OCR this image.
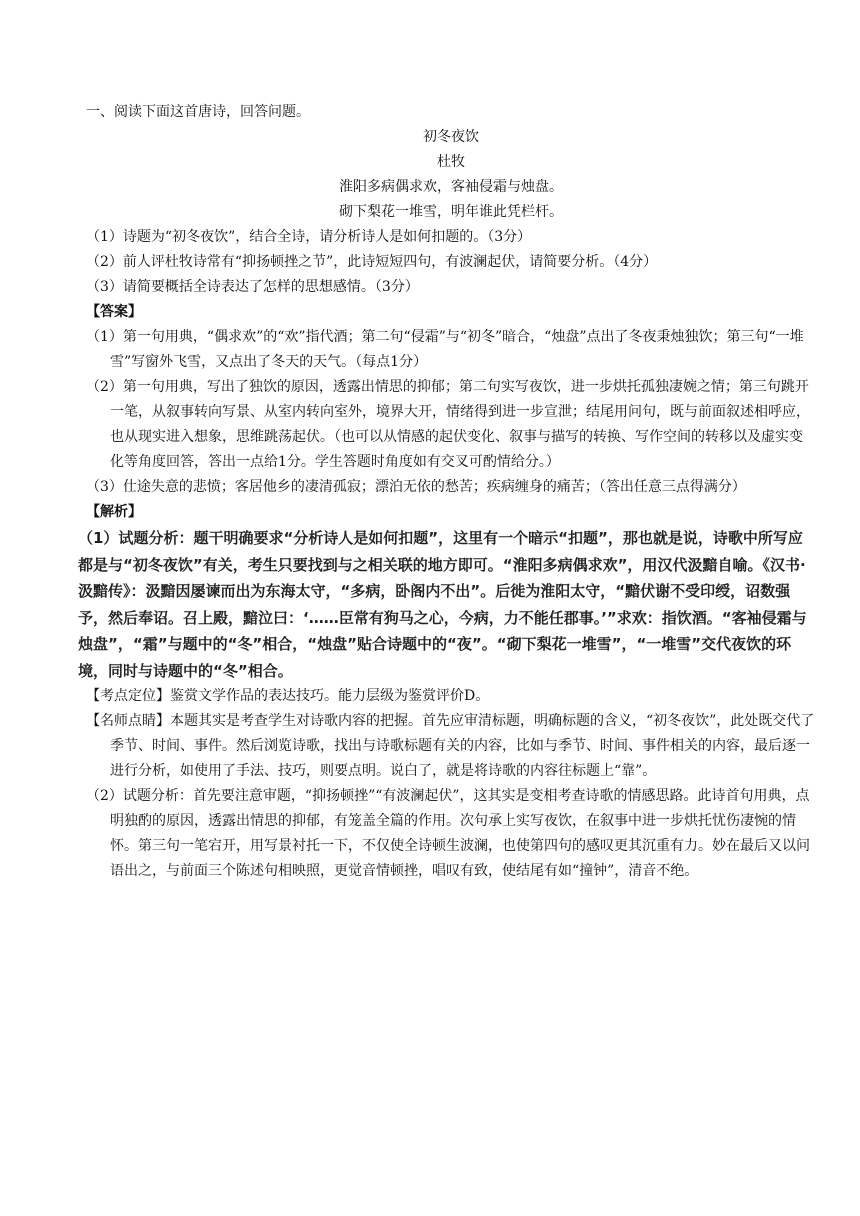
一、阅读下面这首唐诗，回答问题。

初冬夜饮

杜牧

淮阳多病偶求欢，客袖侵霜与烛盘。

砌下梨花一堆雪，明年谁此凭栏杆。

（1）诗题为“初冬夜饮”，结合全诗，请分析诗人是如何扣题的。（3分）

（2）前人评杜牧诗常有“抑扬顿挫之节”，此诗短短四句，有波澜起伏，请简要分析。（4分）

（3）请简要概括全诗表达了怎样的思想感情。（3分）

【答案】

（1）第一句用典，“偶求欢”的“欢”指代酒；第二句“侵霜”与“初冬”暗合，“烛盘”点出了冬夜秉烛独饮；第三句“一堆雪”写窗外飞雪，又点出了冬天的天气。（每点1分）

（2）第一句用典，写出了独饮的原因，透露出情思的抑郁；第二句实写夜饮，进一步烘托孤独凄婉之情；第三句跳开一笔，从叙事转向写景、从室内转向室外，境界大开，情绪得到进一步宣泄；结尾用问句，既与前面叙述相呼应，也从现实进入想象，思维跳荡起伏。（也可以从情感的起伏变化、叙事与描写的转换、写作空间的转移以及虚实变化等角度回答，答出一点给1分。学生答题时角度如有交叉可酌情给分。）

（3）仕途失意的悲愤；客居他乡的凄清孤寂；漂泊无依的愁苦；疾病缠身的痛苦；（答出任意三点得满分）

【解析】

（1）试题分析：题干明确要求“分析诗人是如何扣题”，这里有一个暗示“扣题”，那也就是说，诗歌中所写应都是与“初冬夜饮”有关，考生只要找到与之相关联的地方即可。“淮阳多病偶求欢”，用汉代汲黯自喻。《汉书·汲黯传》：汲黯因屡谏而出为东海太守，“多病，卧阁内不出”。后徙为淮阳太守，“黯伏谢不受印绶，诏数强予，然后奉诏。召上殿，黯泣曰：‘……臣常有狗马之心，今病，力不能任郡事。’”求欢：指饮酒。“客袖侵霜与烛盘”，“霜”与题中的“冬”相合，“烛盘”贴合诗题中的“夜”。“砌下梨花一堆雪”，“一堆雪”交代夜饮的环境，同时与诗题中的“冬”相合。

【考点定位】鉴赏文学作品的表达技巧。能力层级为鉴赏评价D。

【名师点睛】本题其实是考查学生对诗歌内容的把握。首先应审清标题，明确标题的含义，“初冬夜饮”，此处既交代了季节、时间、事件。然后浏览诗歌，找出与诗歌标题有关的内容，比如与季节、时间、事件相关的内容，最后逐一进行分析，如使用了手法、技巧，则要点明。说白了，就是将诗歌的内容往标题上“靠”。

（2）试题分析：首先要注意审题，“抑扬顿挫”“有波澜起伏”，这其实是变相考查诗歌的情感思路。此诗首句用典，点明独酌的原因，透露出情思的抑郁，有笼盖全篇的作用。次句承上实写夜饮，在叙事中进一步烘托忧伤凄惋的情怀。第三句一笔宕开，用写景衬托一下，不仅使全诗顿生波澜，也使第四句的感叹更其沉重有力。妙在最后又以问语出之，与前面三个陈述句相映照，更觉音情顿挫，唱叹有致，使结尾有如“撞钟”，清音不绝。
